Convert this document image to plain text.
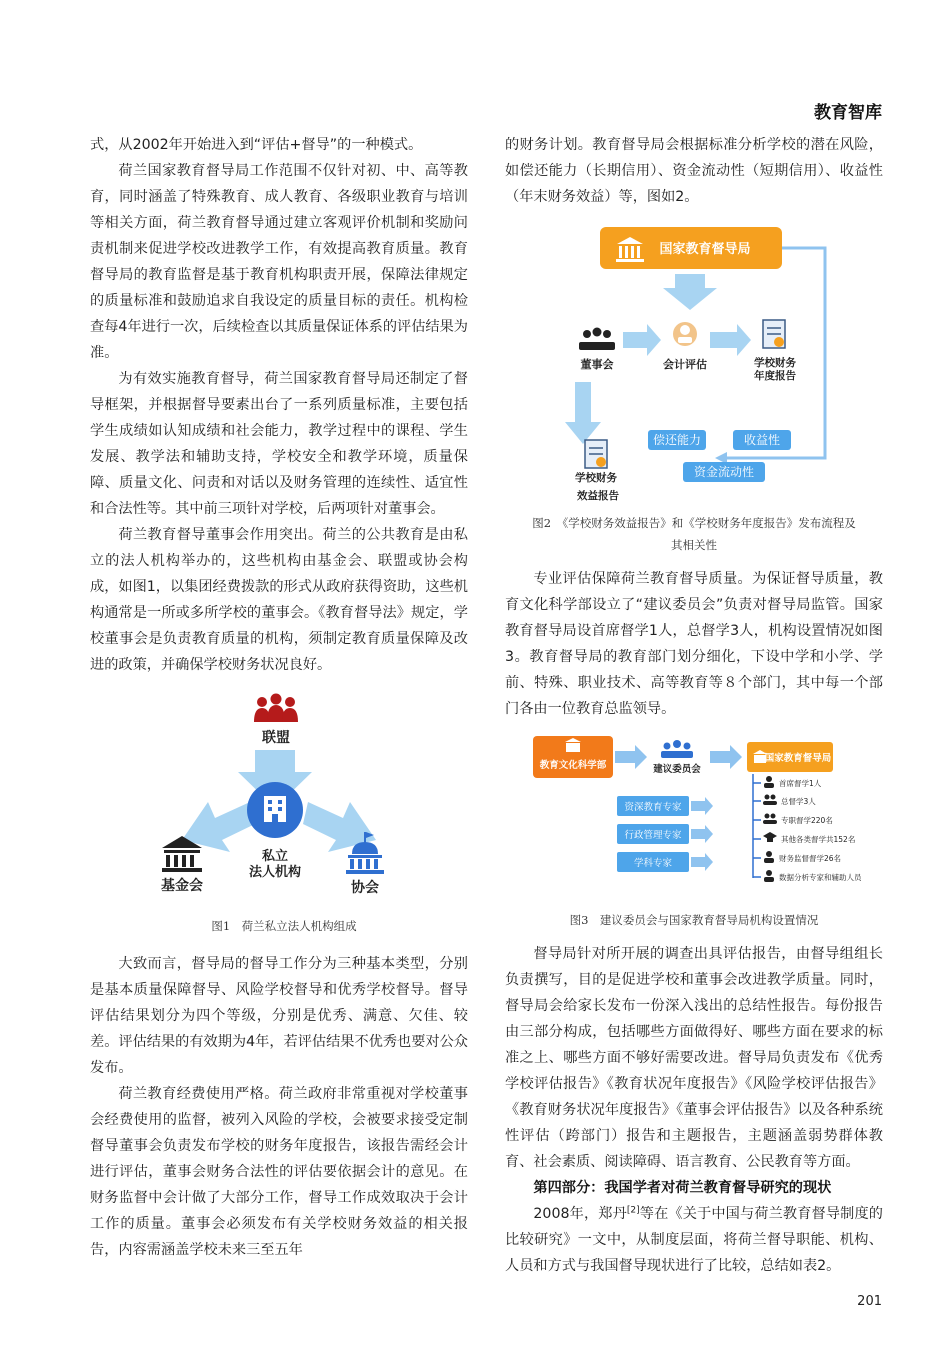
教育智库

式，从2002年开始进入到“评估+督导”的一种模式。

荷兰国家教育督导局工作范围不仅针对初、中、高等教育，同时涵盖了特殊教育、成人教育、各级职业教育与培训等相关方面，荷兰教育督导通过建立客观评价机制和奖励问责机制来促进学校改进教学工作，有效提高教育质量。教育督导局的教育监督是基于教育机构职责开展，保障法律规定的质量标准和鼓励追求自我设定的质量目标的责任。机构检查每4年进行一次，后续检查以其质量保证体系的评估结果为准。

为有效实施教育督导，荷兰国家教育督导局还制定了督导框架，并根据督导要素出台了一系列质量标准，主要包括学生成绩如认知成绩和社会能力，教学过程中的课程、学生发展、教学法和辅助支持，学校安全和教学环境，质量保障、质量文化、问责和对话以及财务管理的连续性、适宜性和合法性等。其中前三项针对学校，后两项针对董事会。

荷兰教育督导董事会作用突出。荷兰的公共教育是由私立的法人机构举办的，这些机构由基金会、联盟或协会构成，如图1，以集团经费拨款的形式从政府获得资助，这些机构通常是一所或多所学校的董事会。《教育督导法》规定，学校董事会是负责教育质量的机构，须制定教育质量保障及改进的政策，并确保学校财务状况良好。

联盟
私立
法人机构
基金会	协会
图1　荷兰私立法人机构组成

大致而言，督导局的督导工作分为三种基本类型，分别是基本质量保障督导、风险学校督导和优秀学校督导。督导评估结果划分为四个等级，分别是优秀、满意、欠佳、较差。评估结果的有效期为4年，若评估结果不优秀也要对公众发布。

荷兰教育经费使用严格。荷兰政府非常重视对学校董事会经费使用的监督，被列入风险的学校，会被要求接受定制督导董事会负责发布学校的财务年度报告，该报告需经会计进行评估，董事会财务合法性的评估要依据会计的意见。在财务监督中会计做了大部分工作，督导工作成效取决于会计工作的质量。董事会必须发布有关学校财务效益的相关报告，内容需涵盖学校未来三至五年

的财务计划。教育督导局会根据标准分析学校的潜在风险，如偿还能力（长期信用）、资金流动性（短期信用）、收益性（年末财务效益）等，图如2。

国家教育督导局
董事会	会计评估	学校财务
年度报告
学校财务
偿还能力	收益性
资金流动性
效益报告
图2　《学校财务效益报告》和《学校财务年度报告》发布流程及
其相关性

专业评估保障荷兰教育督导质量。为保证督导质量，教育文化科学部设立了“建议委员会”负责对督导局监管。国家教育督导局设首席督学1人，总督学3人，机构设置情况如图3。教育督导局的教育部门划分细化，下设中学和小学、学前、特殊、职业技术、高等教育等８个部门，其中每一个部门各由一位教育总监领导。

教育文化科学部	建议委员会
国家教育督导局
资深教育专家
行政管理专家
学科专家
首席督学1人
总督学3人
专职督学220名
其他各类督学共152名
财务监督督学26名
数据分析专家和辅助人员
图3　建议委员会与国家教育督导局机构设置情况

督导局针对所开展的调查出具评估报告，由督导组组长负责撰写，目的是促进学校和董事会改进教学质量。同时，督导局会给家长发布一份深入浅出的总结性报告。每份报告由三部分构成，包括哪些方面做得好、哪些方面在要求的标准之上、哪些方面不够好需要改进。督导局负责发布《优秀学校评估报告》《教育状况年度报告》《风险学校评估报告》《教育财务状况年度报告》《董事会评估报告》以及各种系统性评估（跨部门）报告和主题报告，主题涵盖弱势群体教育、社会素质、阅读障碍、语言教育、公民教育等方面。

第四部分：我国学者对荷兰教育督导研究的现状

2008年，郑丹[2]等在《关于中国与荷兰教育督导制度的比较研究》一文中，从制度层面，将荷兰督导职能、机构、人员和方式与我国督导现状进行了比较，总结如表2。

201
